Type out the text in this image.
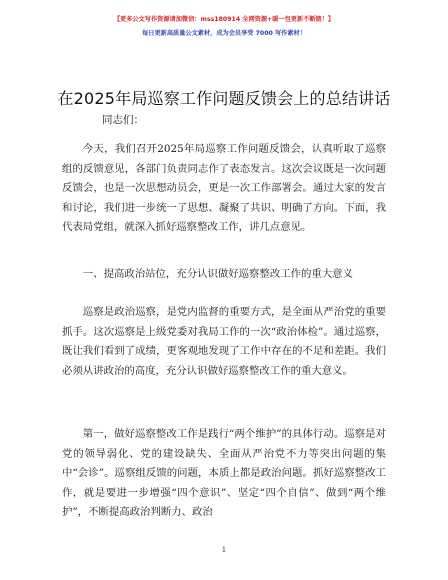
【更多公文写作资源请加微信：mss180914 全网资源+暖一包更新不断链！】
每日更新高质量公文素材，成为会员享受 7000 写作素材！
在2025年局巡察工作问题反馈会上的总结讲话
同志们：

今天，我们召开2025年局巡察工作问题反馈会，认真听取了巡察组的反馈意见，各部门负责同志作了表态发言。这次会议既是一次问题反馈会，也是一次思想动员会，更是一次工作部署会。通过大家的发言和讨论，我们进一步统一了思想、凝聚了共识、明确了方向。下面，我代表局党组，就深入抓好巡察整改工作，讲几点意见。

一、提高政治站位，充分认识做好巡察整改工作的重大意义

巡察是政治巡察，是党内监督的重要方式，是全面从严治党的重要抓手。这次巡察是上级党委对我局工作的一次“政治体检”。通过巡察，既让我们看到了成绩，更客观地发现了工作中存在的不足和差距。我们必须从讲政治的高度，充分认识做好巡察整改工作的重大意义。

第一，做好巡察整改工作是践行“两个维护”的具体行动。巡察是对党的领导弱化、党的建设缺失、全面从严治党不力等突出问题的集中“会诊”。巡察组反馈的问题，本质上都是政治问题。抓好巡察整改工作，就是要进一步增强“四个意识”、坚定“四个自信”、做到“两个维护”，不断提高政治判断力、政治

1
